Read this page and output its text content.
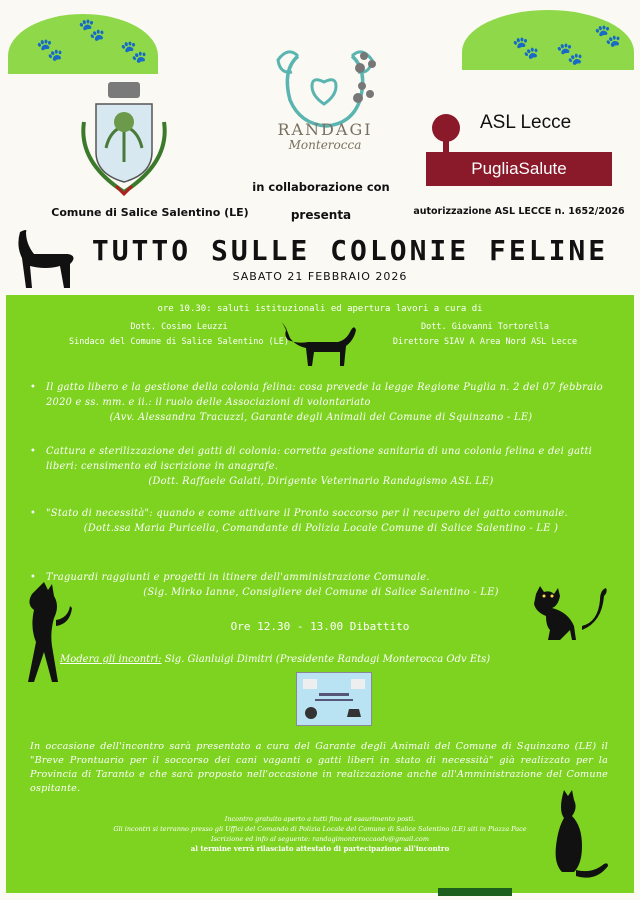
🐾
🐾
🐾	🐾 🐾
🐾
Comune di Salice Salentino (LE)
RANDAGI
Monterocca
in collaborazione con
presenta
ASL Lecce
PugliaSalute
autorizzazione ASL LECCE n. 1652/2026
TUTTO SULLE COLONIE FELINE
SABATO 21 FEBBRAIO 2026
ore 10.30: saluti istituzionali ed apertura lavori a cura di
Dott. Cosimo Leuzzi
Sindaco del Comune di Salice Salentino (LE)
Dott. Giovanni Tortorella
Direttore SIAV A Area Nord ASL Lecce
• Il gatto libero e la gestione della colonia felina: cosa prevede la legge Regione Puglia n. 2 del 07 febbraio 2020 e ss. mm. e ii.: il ruolo delle Associazioni di volontariato
(Avv. Alessandra Tracuzzi, Garante degli Animali del Comune di Squinzano - LE)
• Cattura e sterilizzazione dei gatti di colonia: corretta gestione sanitaria di una colonia felina e dei gatti liberi: censimento ed iscrizione in anagrafe.
(Dott. Raffaele Galati, Dirigente Veterinario Randagismo ASL LE)
• "Stato di necessità": quando e come attivare il Pronto soccorso per il recupero del gatto comunale.
(Dott.ssa Maria Puricella, Comandante di Polizia Locale Comune di Salice Salentino - LE )
• Traguardi raggiunti e progetti in itinere dell'amministrazione Comunale.
(Sig. Mirko Ianne, Consigliere del Comune di Salice Salentino - LE)
Ore 12.30 - 13.00 Dibattito
Modera gli incontri: Sig. Gianluigi Dimitri (Presidente Randagi Monterocca Odv Ets)
In occasione dell'incontro sarà presentato a cura del Garante degli Animali del Comune di Squinzano (LE) il "Breve Prontuario per il soccorso dei cani vaganti o gatti liberi in stato di necessità" già realizzato per la Provincia di Taranto e che sarà proposto nell'occasione in realizzazione anche all'Amministrazione del Comune ospitante.
Incontro gratuito aperto a tutti fino ad esaurimento posti.
Gli incontri si terranno presso gli Uffici del Comando di Polizia Locale del Comune di Salice Salentino (LE) siti in Piazza Pace
Iscrizione ed info al seguente: randagimonteroccaodv@gmail.com
al termine verrà rilasciato attestato di partecipazione all'incontro
